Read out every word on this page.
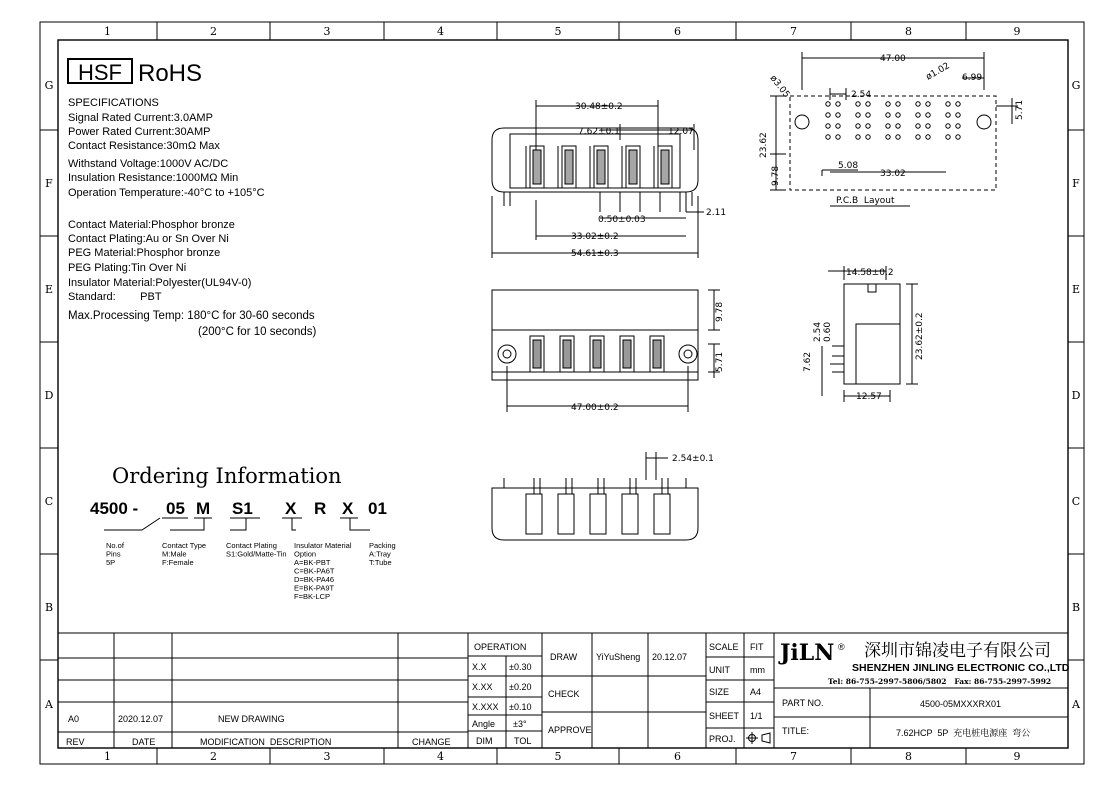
1
1
2
2
3
3
4
4
5
5
6
6
7
7
8
8
9
9
G	G
F	F
E	E
D	D
C	C
B	B
A	A
HSF RoHS
SPECIFICATIONS
Signal Rated Current:3.0AMP
Power Rated Current:30AMP
Contact Resistance:30mΩ Max
Withstand Voltage:1000V AC/DC
Insulation Resistance:1000MΩ Min
Operation Temperature:-40°C to +105°C
Contact Material:Phosphor bronze
Contact Plating:Au or Sn Over Ni
PEG Material:Phosphor bronze
PEG Plating:Tin Over Ni
Insulator Material:Polyester(UL94V-0)
Standard:        PBT
Max.Processing Temp: 180°C for 30-60 seconds
(200°C for 10 seconds)
Ordering Information
4500 - 05 M S1 X R X 01
No.of Pins 5P
Contact Type M:Male F:Female
Contact Plating S1:Gold/Matte-Tin
Insulator Material Option A=BK-PBT C=BK-PA6T D=BK-PA46 E=BK-PA9T F=BK-LCP
Packing A:Tray T:Tube
30.48±0.2
7.62±0.1	12.07
0.50±0.03
2.11
33.02±0.2
54.61±0.3
9.78
5.71
47.00±0.2
2.54±0.1
14.58±0.2
2.54 0.60
7.62
23.62±0.2
12.57
47.00
2.54
6.99
ø3.05
ø1.02
5.71
23.62
9.78	5.08
33.02
P.C.B  Layout
A0	2020.12.07	NEW DRAWING
REV	DATE	MODIFICATION  DESCRIPTION	CHANGE
OPERATION
X.X ±0.30
X.XX ±0.20
X.XXX ±0.10
Angle ±3°
DIM TOL
DRAW YiYuSheng 20.12.07
CHECK
APPROVE
SCALE FIT
UNIT mm
SIZE A4
SHEET 1/1
PROJ.
JiLN ® 深圳市锦凌电子有限公司
SHENZHEN JINLING ELECTRONIC CO.,LTD
Tel: 86-755-2997-5806/5802   Fax: 86-755-2997-5992
PART NO.	4500-05MXXXRX01
TITLE:	7.62HCP  5P  充电桩电源座  弯公
